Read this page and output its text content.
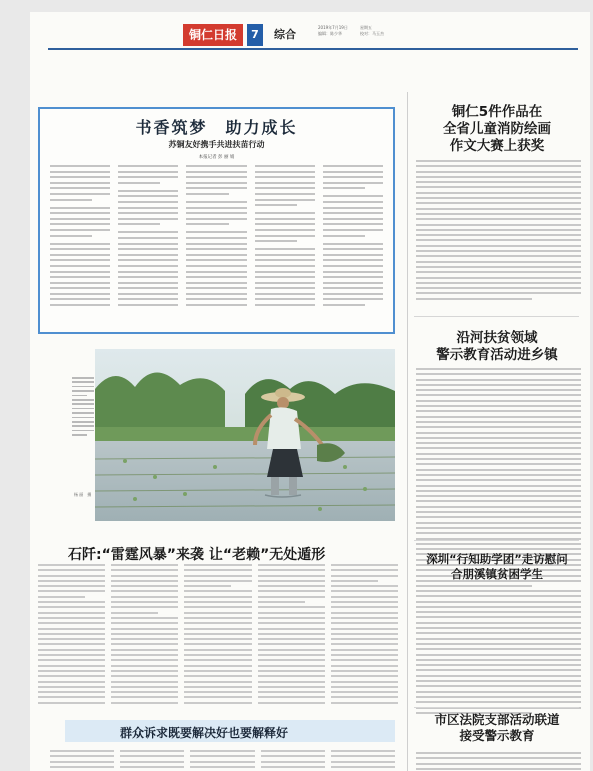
铜仁日报	7	综合
2019年7月19日
编辑：陈少华
星期五
校对：马玉杰
书香筑梦　助力成长
苏铜友好携手共进扶苗行动
本报记者 彭 丽 娟
杨 丽　摄
石阡:“雷霆风暴”来袭 让“老赖”无处遁形
群众诉求既要解决好也要解释好
铜仁5件作品在
全省儿童消防绘画
作文大赛上获奖
沿河扶贫领域
警示教育活动进乡镇
深圳“行知助学团”走访慰问
合朋溪镇贫困学生
市区法院支部活动联道
接受警示教育
